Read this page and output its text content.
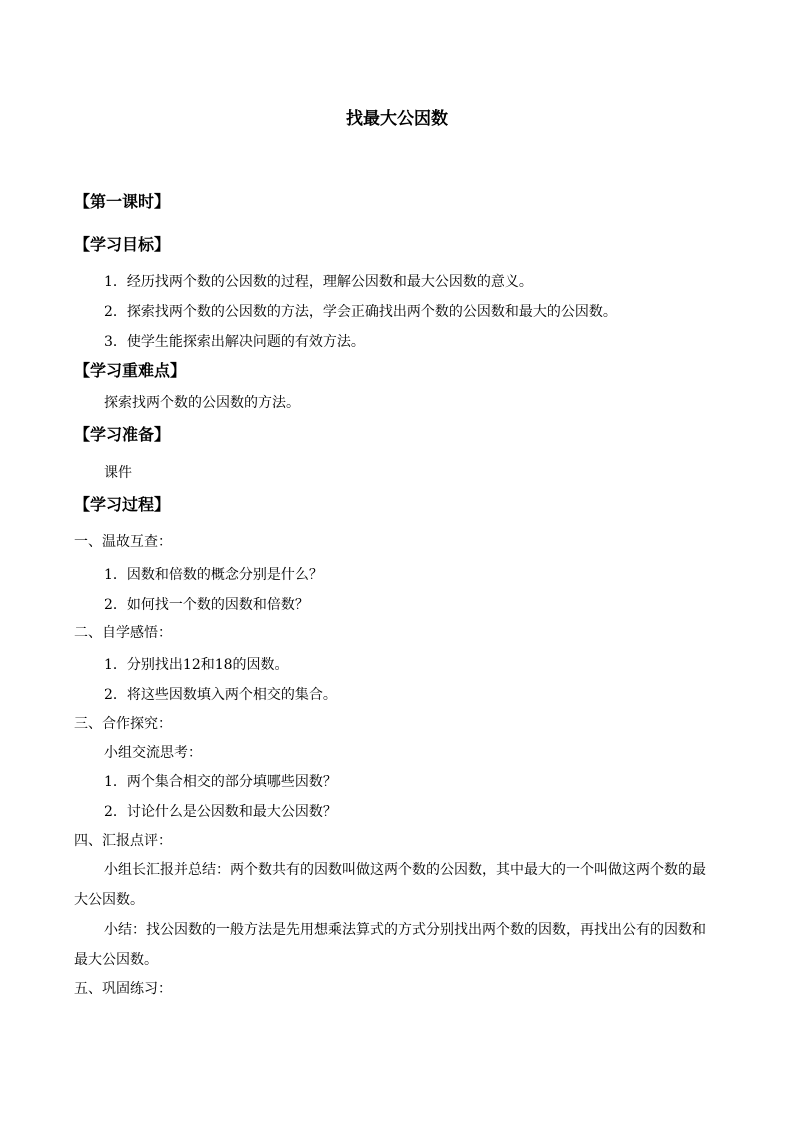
找最大公因数
【第一课时】
【学习目标】
1．经历找两个数的公因数的过程，理解公因数和最大公因数的意义。
2．探索找两个数的公因数的方法，学会正确找出两个数的公因数和最大的公因数。
3．使学生能探索出解决问题的有效方法。
【学习重难点】
探索找两个数的公因数的方法。
【学习准备】
课件
【学习过程】
一、温故互查：
1．因数和倍数的概念分别是什么？
2．如何找一个数的因数和倍数？
二、自学感悟：
1．分别找出12和18的因数。
2．将这些因数填入两个相交的集合。
三、合作探究：
小组交流思考：
1．两个集合相交的部分填哪些因数？
2．讨论什么是公因数和最大公因数？
四、汇报点评：
小组长汇报并总结：两个数共有的因数叫做这两个数的公因数，其中最大的一个叫做这两个数的最大公因数。
小结：找公因数的一般方法是先用想乘法算式的方式分别找出两个数的因数，再找出公有的因数和最大公因数。
五、巩固练习：
